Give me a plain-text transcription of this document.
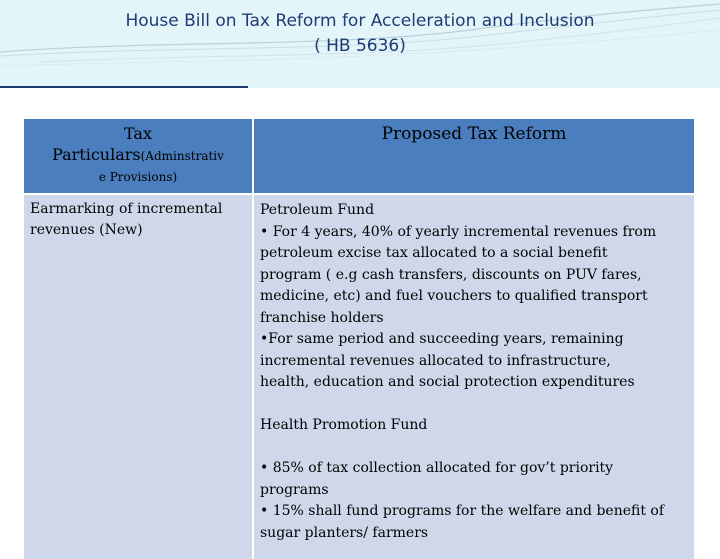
House Bill on Tax Reform for Acceleration and Inclusion
( HB 5636)
Tax
Particulars(Adminstrativ
e Provisions)
Proposed Tax Reform
Earmarking of incremental
revenues (New)
Petroleum Fund
• For 4 years, 40% of yearly incremental revenues from
petroleum excise tax allocated to a social benefit
program ( e.g cash transfers, discounts on PUV fares,
medicine, etc) and fuel vouchers to qualified transport
franchise holders
•For same period and succeeding years, remaining
incremental revenues allocated to infrastructure,
health, education and social protection expenditures
Health Promotion Fund
• 85% of tax collection allocated for gov’t priority
programs
• 15% shall fund programs for the welfare and benefit of
sugar planters/ farmers
